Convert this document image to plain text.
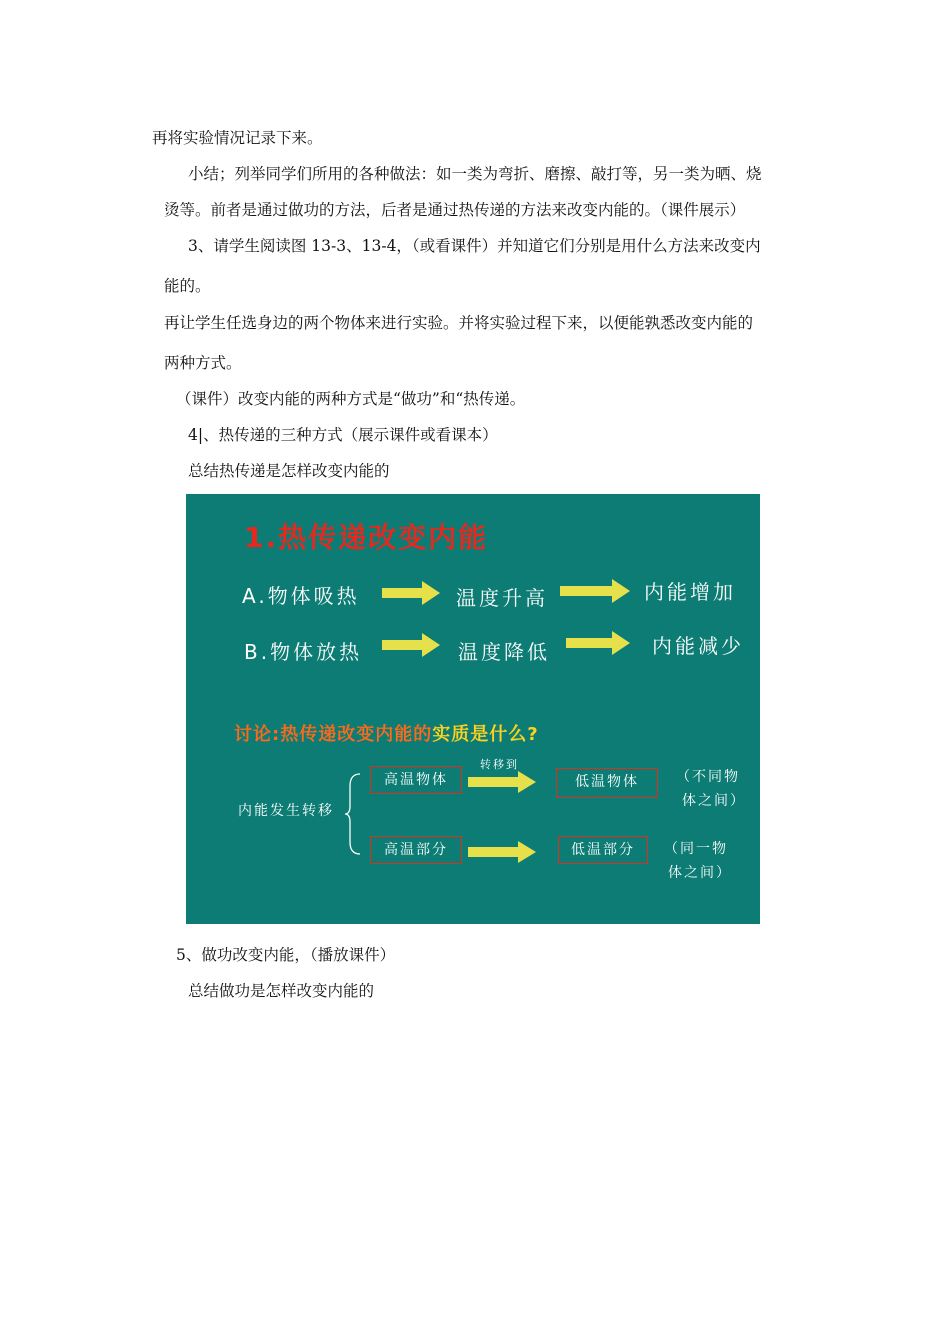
再将实验情况记录下来。
小结；列举同学们所用的各种做法：如一类为弯折、磨擦、敲打等，另一类为晒、烧
烫等。前者是通过做功的方法，后者是通过热传递的方法来改变内能的。（课件展示）
3、请学生阅读图 13-3、13-4，（或看课件）并知道它们分别是用什么方法来改变内
能的。
再让学生任选身边的两个物体来进行实验。并将实验过程下来，以便能孰悉改变内能的
两种方式。
（课件）改变内能的两种方式是“做功”和“热传递。
4|、热传递的三种方式（展示课件或看课本）
总结热传递是怎样改变内能的
1.热传递改变内能
A.物体吸热	温度升高	内能增加
B.物体放热	温度降低	内能减少
讨论:热传递改变内能的实质是什么?
内能发生转移
转移到
高温物体	低温物体	（不同物
体之间）
高温部分	低温部分	（同一物
体之间）
5、做功改变内能，（播放课件）
总结做功是怎样改变内能的
